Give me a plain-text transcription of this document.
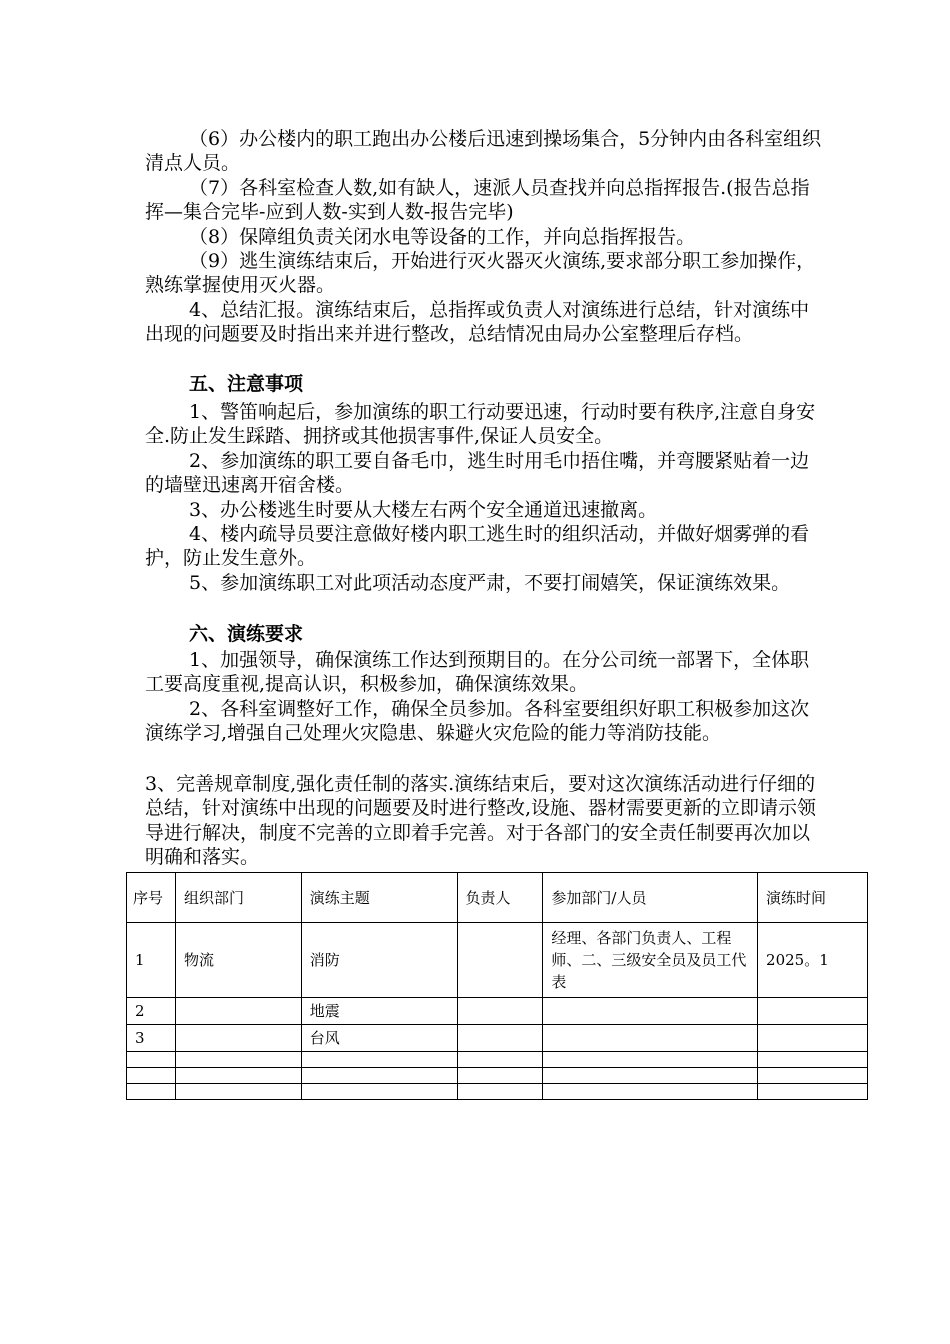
（6）办公楼内的职工跑出办公楼后迅速到操场集合，5分钟内由各科室组织清点人员。

（7）各科室检查人数,如有缺人，速派人员查找并向总指挥报告.(报告总指挥—集合完毕-应到人数-实到人数-报告完毕)

（8）保障组负责关闭水电等设备的工作，并向总指挥报告。

（9）逃生演练结束后，开始进行灭火器灭火演练,要求部分职工参加操作，熟练掌握使用灭火器。

4、总结汇报。演练结束后，总指挥或负责人对演练进行总结，针对演练中出现的问题要及时指出来并进行整改，总结情况由局办公室整理后存档。

五、注意事项

1、警笛响起后，参加演练的职工行动要迅速，行动时要有秩序,注意自身安全.防止发生踩踏、拥挤或其他损害事件,保证人员安全。

2、参加演练的职工要自备毛巾，逃生时用毛巾捂住嘴，并弯腰紧贴着一边的墙壁迅速离开宿舍楼。

3、办公楼逃生时要从大楼左右两个安全通道迅速撤离。

4、楼内疏导员要注意做好楼内职工逃生时的组织活动，并做好烟雾弹的看护，防止发生意外。

5、参加演练职工对此项活动态度严肃，不要打闹嬉笑，保证演练效果。

六、演练要求

1、加强领导，确保演练工作达到预期目的。在分公司统一部署下，全体职工要高度重视,提高认识，积极参加，确保演练效果。

2、各科室调整好工作，确保全员参加。各科室要组织好职工积极参加这次演练学习,增强自己处理火灾隐患、躲避火灾危险的能力等消防技能。

3、完善规章制度,强化责任制的落实.演练结束后，要对这次演练活动进行仔细的总结，针对演练中出现的问题要及时进行整改,设施、器材需要更新的立即请示领导进行解决，制度不完善的立即着手完善。对于各部门的安全责任制要再次加以明确和落实。

序号	组织部门	演练主题	负责人	参加部门/人员	演练时间
1	物流	消防		经理、各部门负责人、工程师、二、三级安全员及员工代表	2025。1
2		地震			
3		台风			
